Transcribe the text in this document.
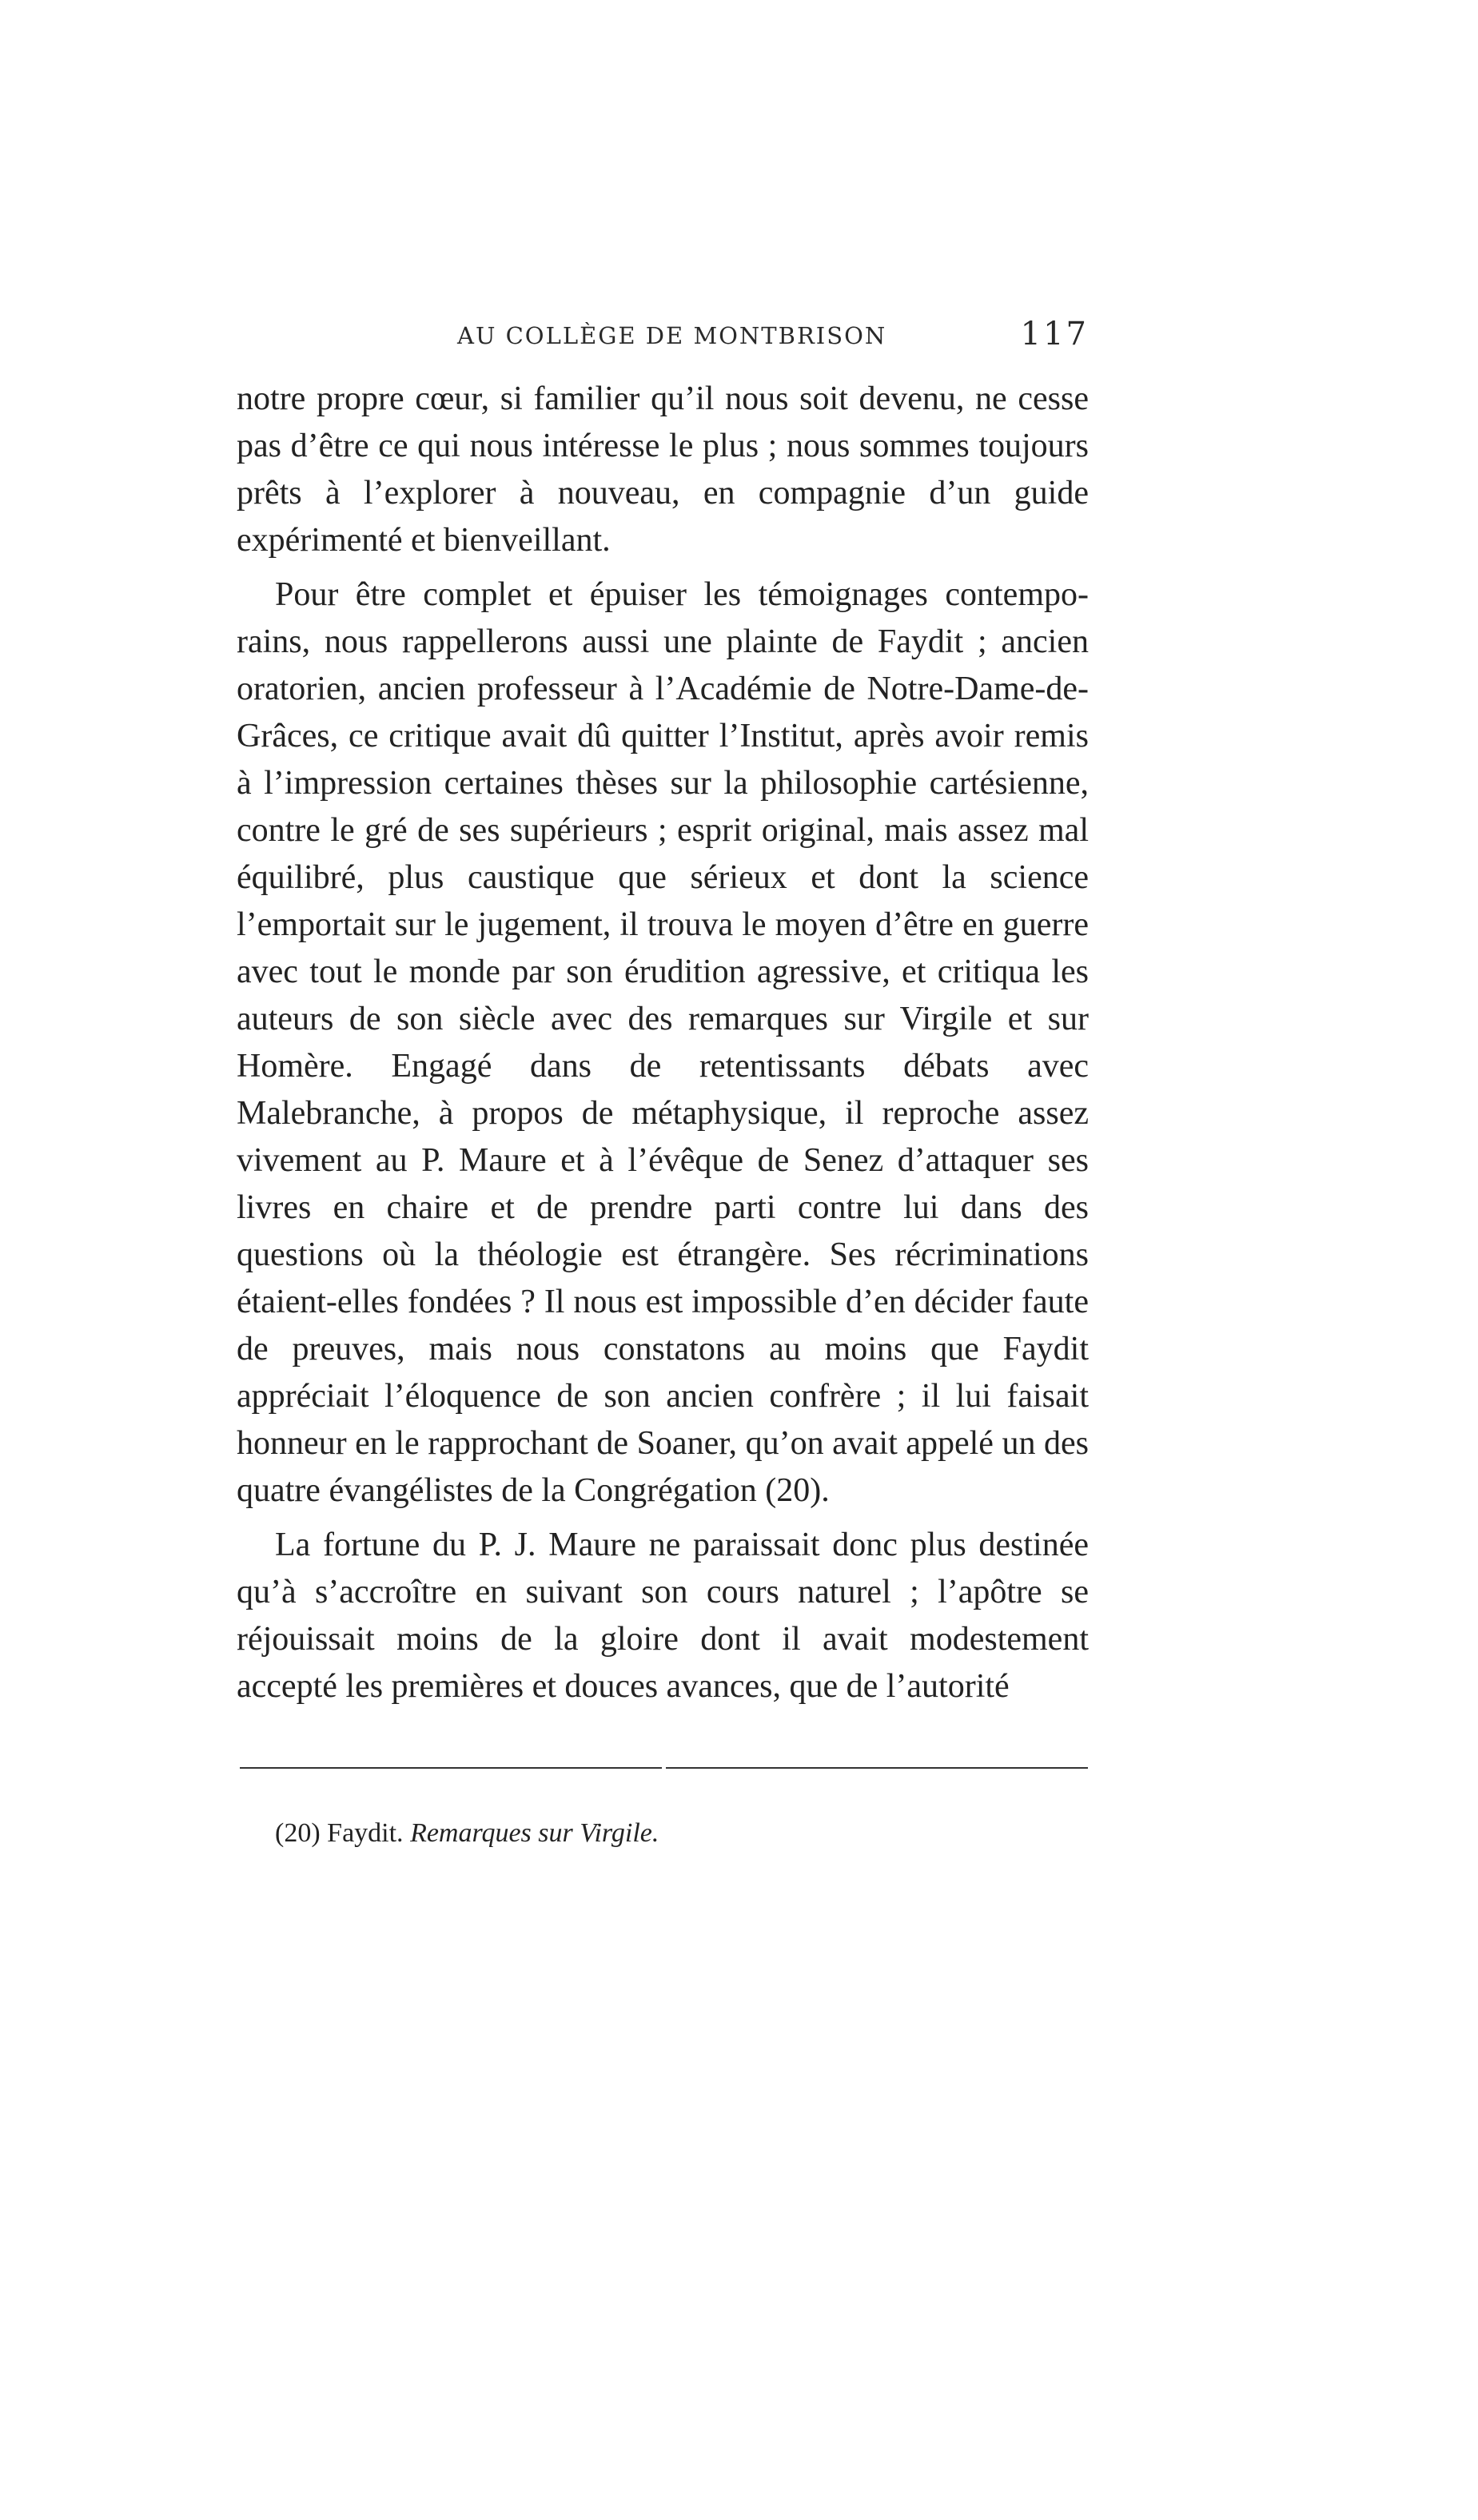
AU COLLÈGE DE MONTBRISON	117

notre propre cœur, si familier qu’il nous soit devenu, ne cesse pas d’être ce qui nous intéresse le plus ; nous sommes toujours prêts à l’explorer à nouveau, en compagnie d’un guide expérimenté et bienveillant.

Pour être complet et épuiser les témoignages contemporains, nous rappellerons aussi une plainte de Faydit ; ancien oratorien, ancien professeur à l’Académie de Notre-Dame-de-Grâces, ce critique avait dû quitter l’Institut, après avoir remis à l’impression certaines thèses sur la philosophie cartésienne, contre le gré de ses supérieurs ; esprit original, mais assez mal équilibré, plus caustique que sérieux et dont la science l’emportait sur le jugement, il trouva le moyen d’être en guerre avec tout le monde par son érudition agressive, et critiqua les auteurs de son siècle avec des remarques sur Virgile et sur Homère. Engagé dans de retentissants débats avec Malebranche, à propos de métaphysique, il reproche assez vivement au P. Maure et à l’évêque de Senez d’attaquer ses livres en chaire et de prendre parti contre lui dans des questions où la théologie est étrangère. Ses récriminations étaient-elles fondées ? Il nous est impossible d’en décider faute de preuves, mais nous constatons au moins que Faydit appréciait l’éloquence de son ancien confrère ; il lui faisait honneur en le rapprochant de Soaner, qu’on avait appelé un des quatre évangélistes de la Congrégation (20).

La fortune du P. J. Maure ne paraissait donc plus destinée qu’à s’accroître en suivant son cours naturel ; l’apôtre se réjouissait moins de la gloire dont il avait modestement accepté les premières et douces avances, que de l’autorité

(20) Faydit. Remarques sur Virgile.
